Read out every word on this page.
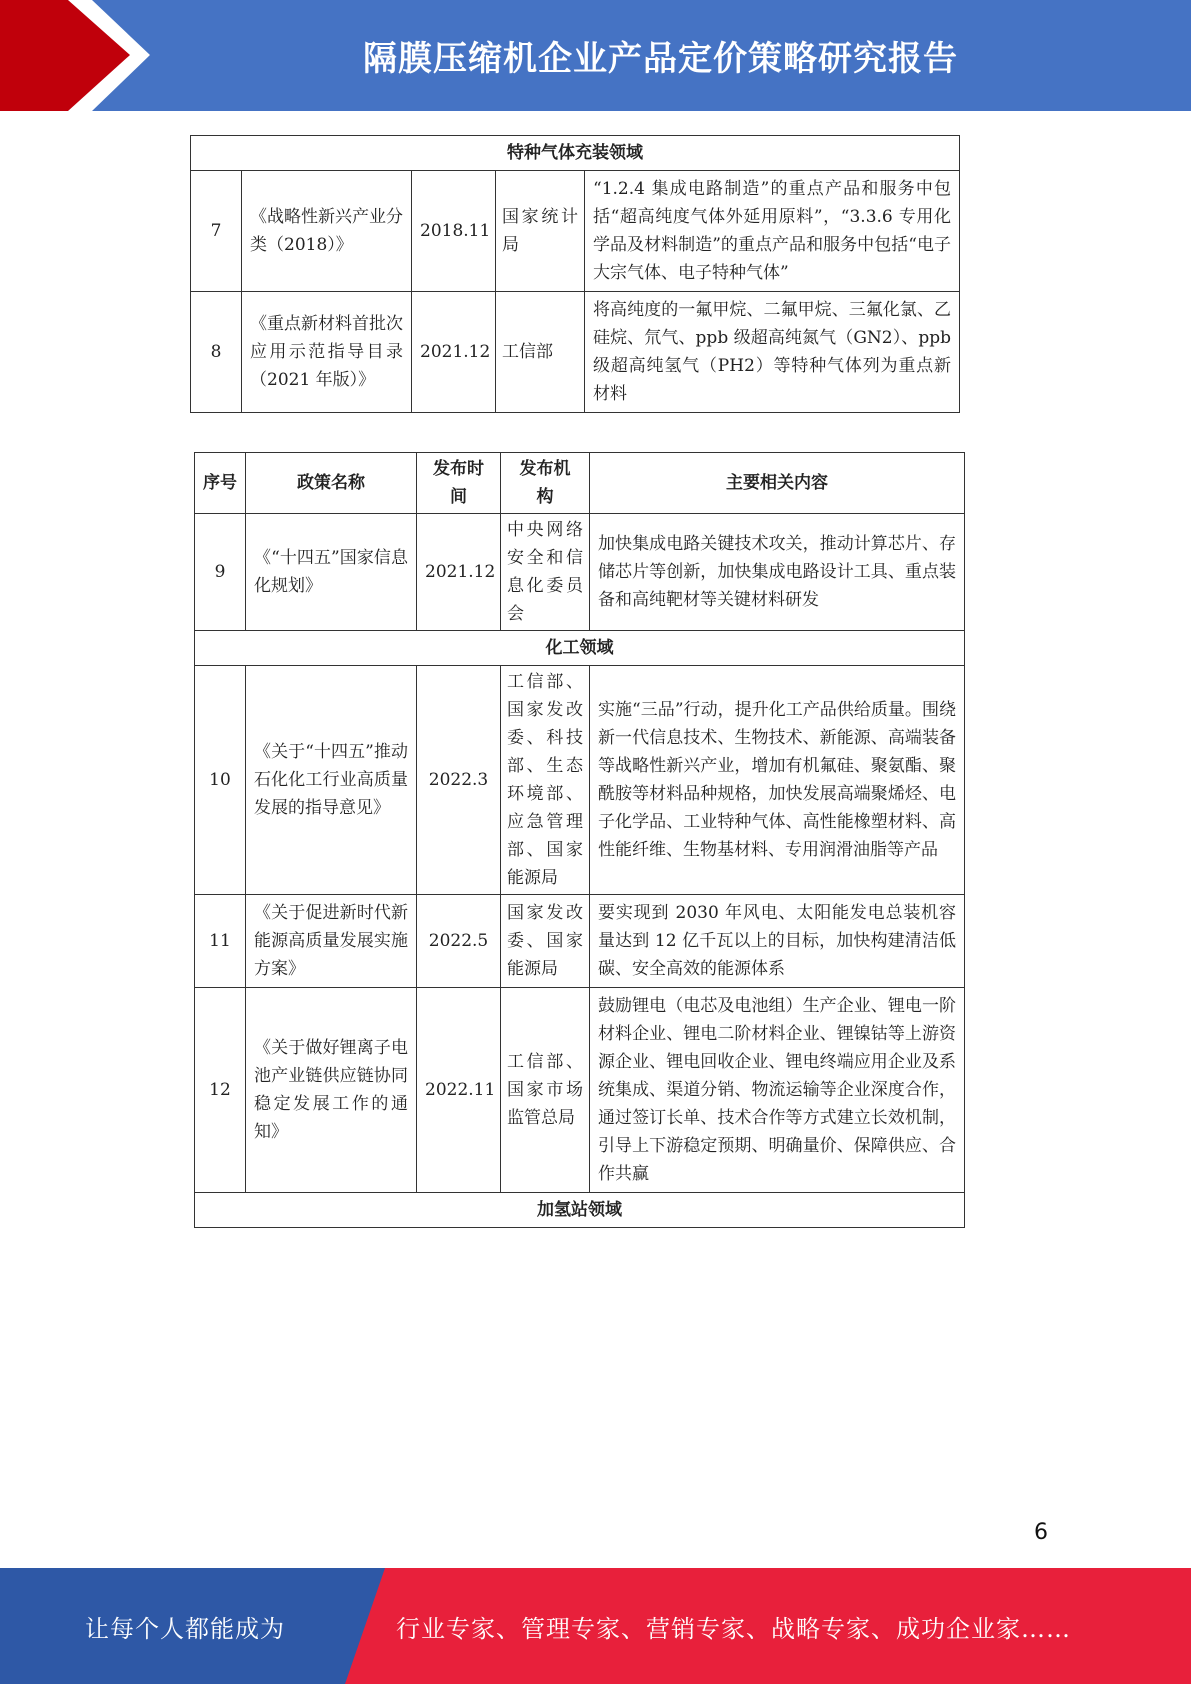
隔膜压缩机企业产品定价策略研究报告
特种气体充装领域				
7	《战略性新兴产业分类（2018）》	2018.11	国家统计局	“1.2.4 集成电路制造”的重点产品和服务中包括“超高纯度气体外延用原料”，“3.3.6 专用化学品及材料制造”的重点产品和服务中包括“电子大宗气体、电子特种气体”
8	《重点新材料首批次应用示范指导目录（2021 年版）》	2021.12	工信部	将高纯度的一氟甲烷、二氟甲烷、三氟化氯、乙硅烷、氘气、ppb 级超高纯氮气（GN2）、ppb 级超高纯氢气（PH2）等特种气体列为重点新材料
序号	政策名称	发布时间	发布机构	主要相关内容
9	《“十四五”国家信息化规划》	2021.12	中央网络安全和信息化委员会	加快集成电路关键技术攻关，推动计算芯片、存储芯片等创新，加快集成电路设计工具、重点装备和高纯靶材等关键材料研发
化工领域				
10	《关于“十四五”推动石化化工行业高质量发展的指导意见》	2022.3	工信部、国家发改委、科技部、生态环境部、应急管理部、国家能源局	实施“三品”行动，提升化工产品供给质量。围绕新一代信息技术、生物技术、新能源、高端装备等战略性新兴产业，增加有机氟硅、聚氨酯、聚酰胺等材料品种规格，加快发展高端聚烯烃、电子化学品、工业特种气体、高性能橡塑材料、高性能纤维、生物基材料、专用润滑油脂等产品
11	《关于促进新时代新能源高质量发展实施方案》	2022.5	国家发改委、国家能源局	要实现到 2030 年风电、太阳能发电总装机容量达到 12 亿千瓦以上的目标，加快构建清洁低碳、安全高效的能源体系
12	《关于做好锂离子电池产业链供应链协同稳定发展工作的通知》	2022.11	工信部、国家市场监管总局	鼓励锂电（电芯及电池组）生产企业、锂电一阶材料企业、锂电二阶材料企业、锂镍钴等上游资源企业、锂电回收企业、锂电终端应用企业及系统集成、渠道分销、物流运输等企业深度合作，通过签订长单、技术合作等方式建立长效机制，引导上下游稳定预期、明确量价、保障供应、合作共赢
加氢站领域				
6
让每个人都能成为	行业专家、管理专家、营销专家、战略专家、成功企业家……
